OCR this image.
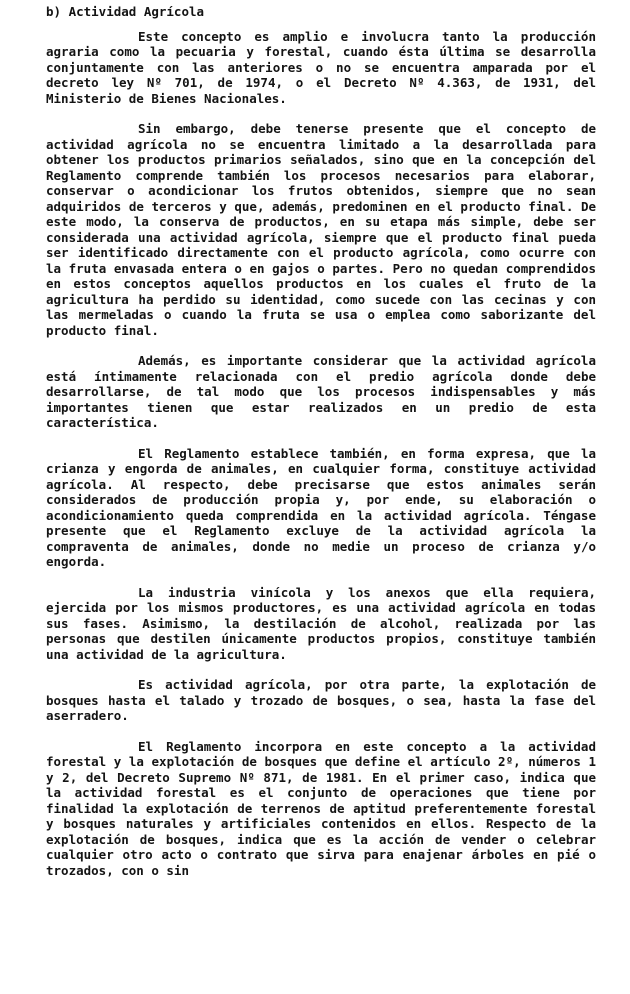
b) Actividad Agrícola

Este concepto es amplio e involucra tanto la producción agraria como la pecuaria y forestal, cuando ésta última se desarrolla conjuntamente con las anteriores o no se encuentra amparada por el decreto ley Nº 701, de 1974, o el Decreto Nº 4.363, de 1931, del Ministerio de Bienes Nacionales.

Sin embargo, debe tenerse presente que el concepto de actividad agrícola no se encuentra limitado a la desarrollada para obtener los productos primarios señalados, sino que en la concepción del Reglamento comprende también los procesos necesarios para elaborar, conservar o acondicionar los frutos obtenidos, siempre que no sean adquiridos de terceros y que, además, predominen en el producto final. De este modo, la conserva de productos, en su etapa más simple, debe ser considerada una actividad agrícola, siempre que el producto final pueda ser identificado directamente con el producto agrícola, como ocurre con la fruta envasada entera o en gajos o partes. Pero no quedan comprendidos en estos conceptos aquellos productos en los cuales el fruto de la agricultura ha perdido su identidad, como sucede con las cecinas y con las mermeladas o cuando la fruta se usa o emplea como saborizante del producto final.

Además, es importante considerar que la actividad agrícola está íntimamente relacionada con el predio agrícola donde debe desarrollarse, de tal modo que los procesos indispensables y más importantes tienen que estar realizados en un predio de esta característica.

El Reglamento establece también, en forma expresa, que la crianza y engorda de animales, en cualquier forma, constituye actividad agrícola. Al respecto, debe precisarse que estos animales serán considerados de producción propia y, por ende, su elaboración o acondicionamiento queda comprendida en la actividad agrícola. Téngase presente que el Reglamento excluye de la actividad agrícola la compraventa de animales, donde no medie un proceso de crianza y/o engorda.

La industria vinícola y los anexos que ella requiera, ejercida por los mismos productores, es una actividad agrícola en todas sus fases. Asimismo, la destilación de alcohol, realizada por las personas que destilen únicamente productos propios, constituye también una actividad de la agricultura.

Es actividad agrícola, por otra parte, la explotación de bosques hasta el talado y trozado de bosques, o sea, hasta la fase del aserradero.

El Reglamento incorpora en este concepto a la actividad forestal y la explotación de bosques que define el artículo 2º, números 1 y 2, del Decreto Supremo Nº 871, de 1981. En el primer caso, indica que la actividad forestal es el conjunto de operaciones que tiene por finalidad la explotación de terrenos de aptitud preferentemente forestal y bosques naturales y artificiales contenidos en ellos. Respecto de la explotación de bosques, indica que es la acción de vender o celebrar cualquier otro acto o contrato que sirva para enajenar árboles en pié o trozados, con o sin
